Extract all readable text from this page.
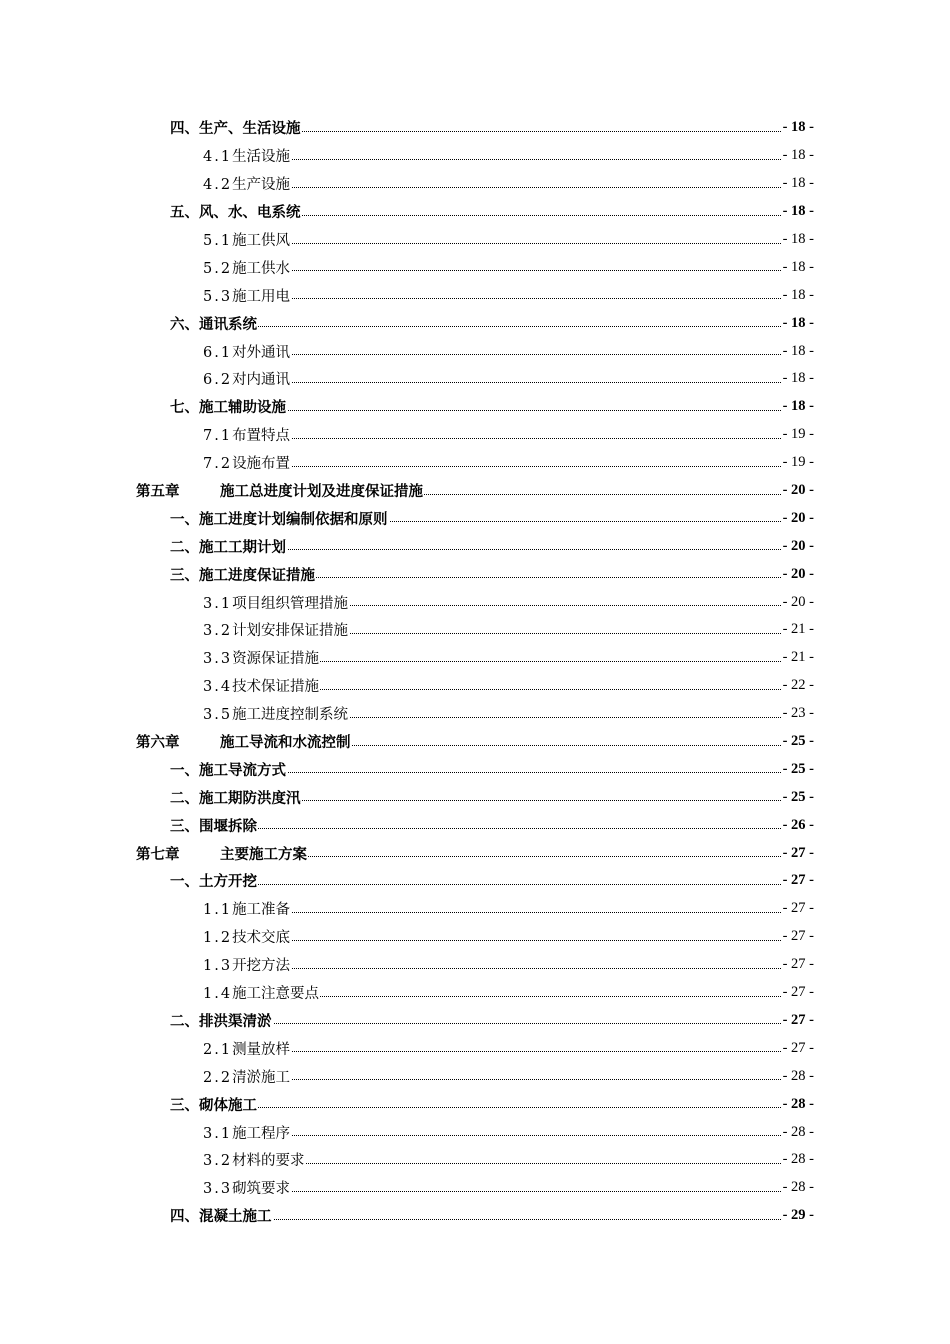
四、生产、生活设施	- 18 -
4.1生活设施	- 18 -
4.2生产设施	- 18 -
五、风、水、电系统	- 18 -
5.1施工供风	- 18 -
5.2施工供水	- 18 -
5.3施工用电	- 18 -
六、通讯系统	- 18 -
6.1对外通讯	- 18 -
6.2对内通讯	- 18 -
七、施工辅助设施	- 18 -
7.1布置特点	- 19 -
7.2设施布置	- 19 -
第五章	施工总进度计划及进度保证措施	- 20 -
一、施工进度计划编制依据和原则	- 20 -
二、施工工期计划	- 20 -
三、施工进度保证措施	- 20 -
3.1项目组织管理措施	- 20 -
3.2计划安排保证措施	- 21 -
3.3资源保证措施	- 21 -
3.4技术保证措施	- 22 -
3.5施工进度控制系统	- 23 -
第六章	施工导流和水流控制	- 25 -
一、施工导流方式	- 25 -
二、施工期防洪度汛	- 25 -
三、围堰拆除	- 26 -
第七章	主要施工方案	- 27 -
一、土方开挖	- 27 -
1.1施工准备	- 27 -
1.2技术交底	- 27 -
1.3开挖方法	- 27 -
1.4施工注意要点	- 27 -
二、排洪渠清淤	- 27 -
2.1测量放样	- 27 -
2.2清淤施工	- 28 -
三、砌体施工	- 28 -
3.1施工程序	- 28 -
3.2材料的要求	- 28 -
3.3砌筑要求	- 28 -
四、混凝土施工	- 29 -
